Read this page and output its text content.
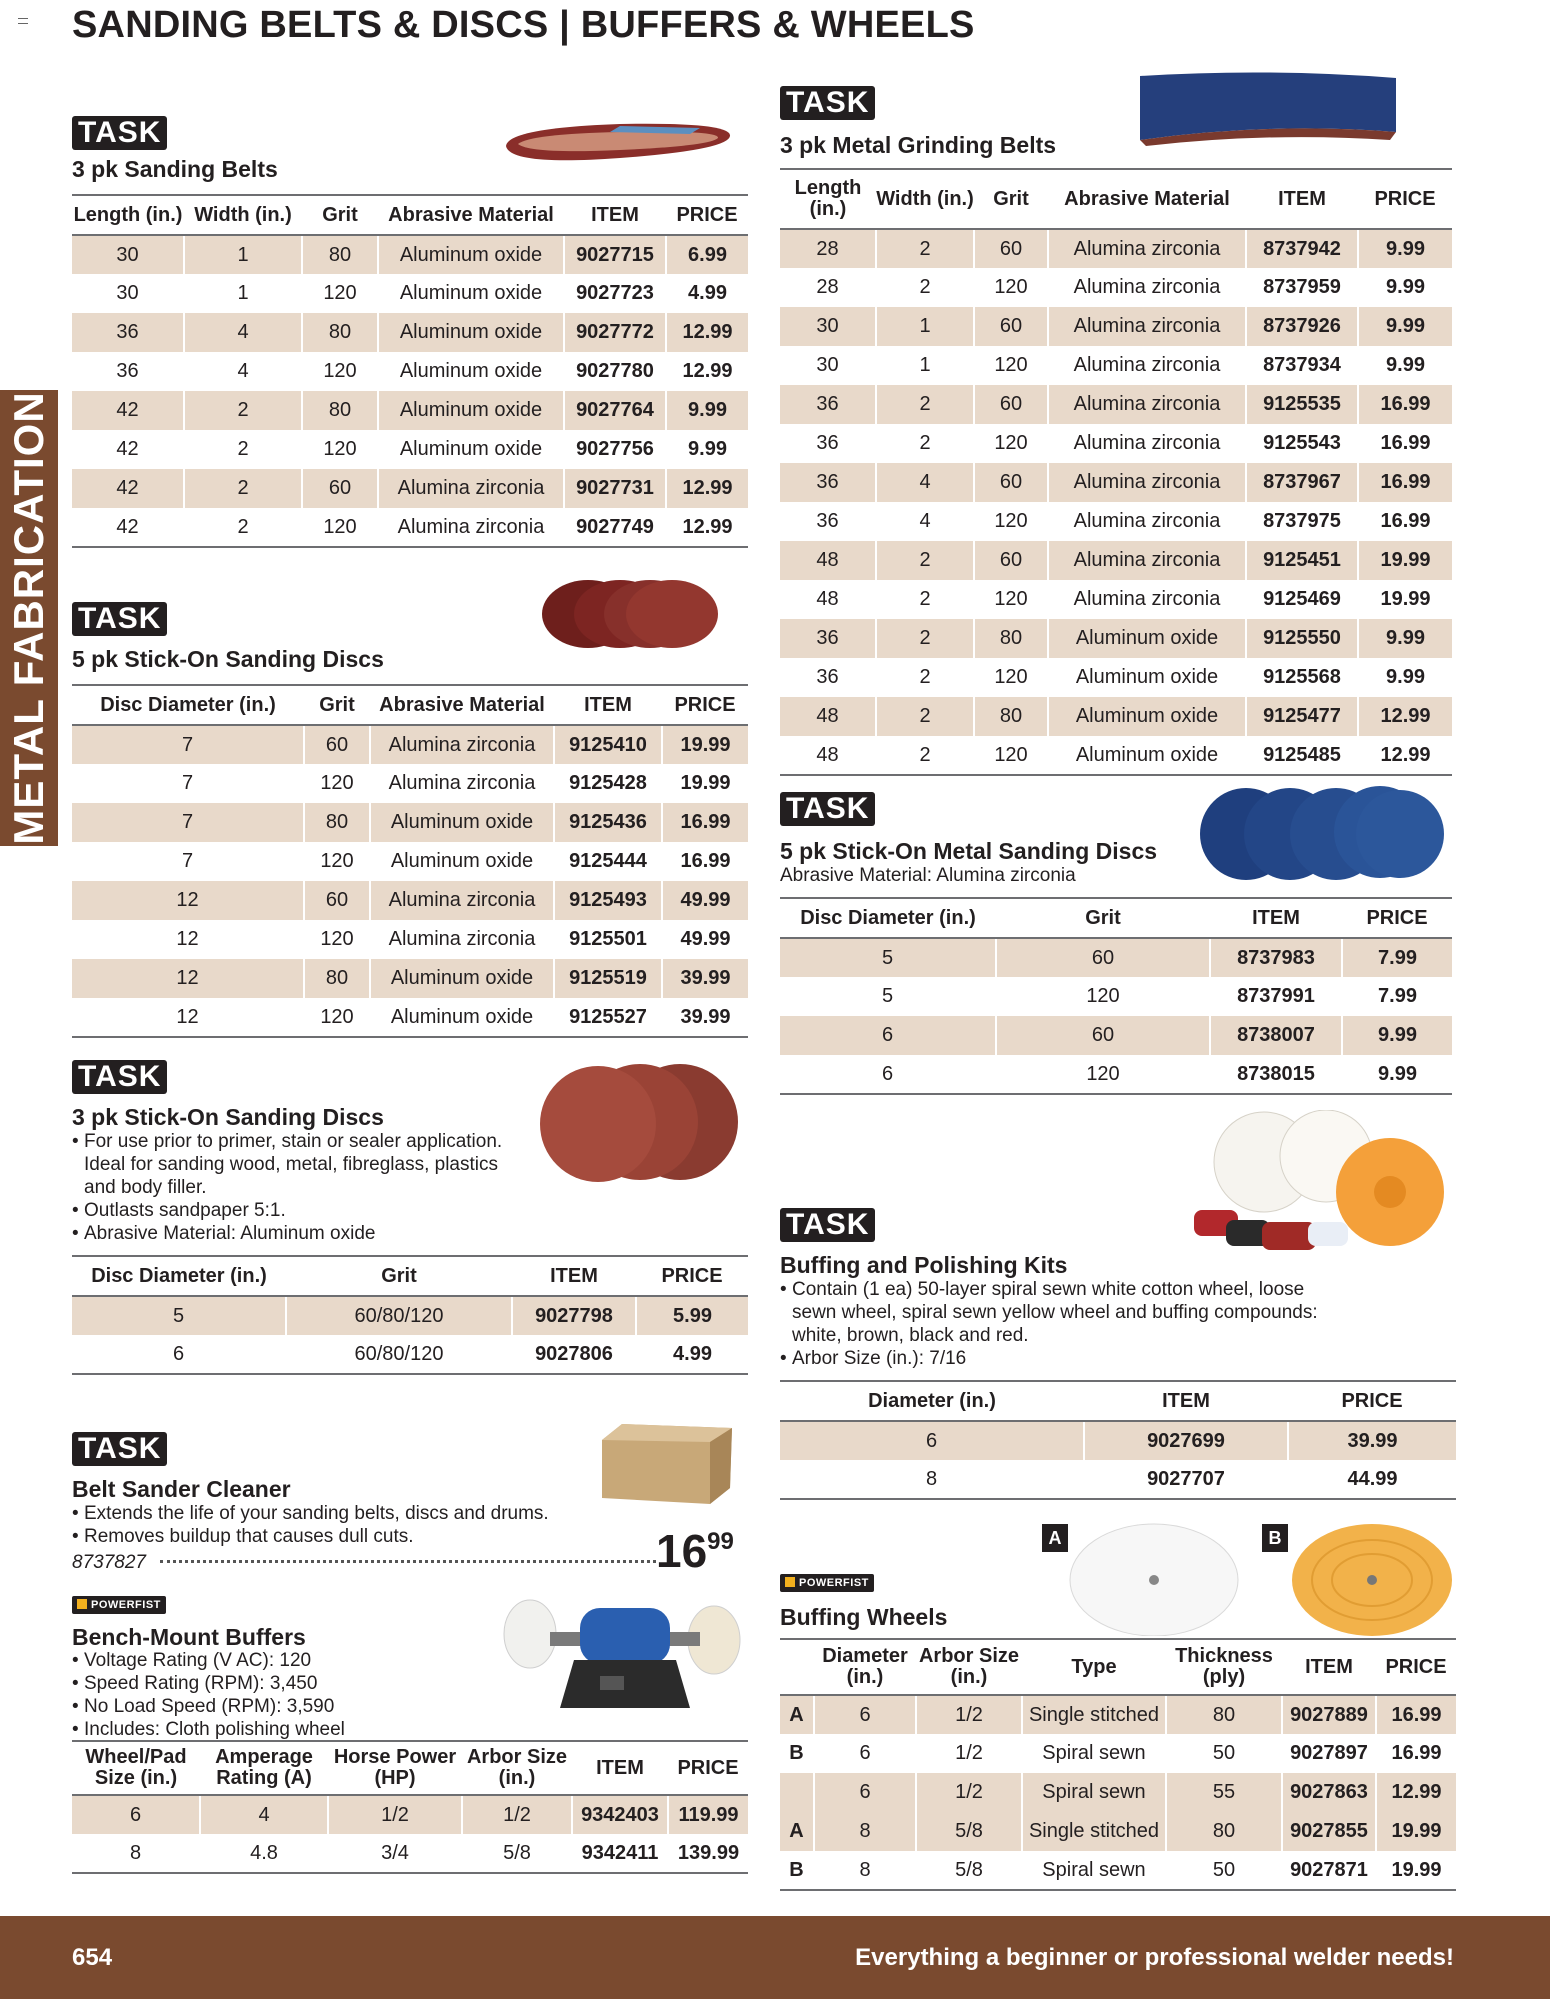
SANDING BELTS & DISCS | BUFFERS & WHEELS
METAL FABRICATION
TASK
3 pk Sanding Belts
Length (in.)	Width (in.)	Grit	Abrasive Material	ITEM	PRICE
30	1	80	Aluminum oxide	9027715	6.99
30	1	120	Aluminum oxide	9027723	4.99
36	4	80	Aluminum oxide	9027772	12.99
36	4	120	Aluminum oxide	9027780	12.99
42	2	80	Aluminum oxide	9027764	9.99
42	2	120	Aluminum oxide	9027756	9.99
42	2	60	Alumina zirconia	9027731	12.99
42	2	120	Alumina zirconia	9027749	12.99
TASK
5 pk Stick-On Sanding Discs
Disc Diameter (in.)	Grit	Abrasive Material	ITEM	PRICE
7	60	Alumina zirconia	9125410	19.99
7	120	Alumina zirconia	9125428	19.99
7	80	Aluminum oxide	9125436	16.99
7	120	Aluminum oxide	9125444	16.99
12	60	Alumina zirconia	9125493	49.99
12	120	Alumina zirconia	9125501	49.99
12	80	Aluminum oxide	9125519	39.99
12	120	Aluminum oxide	9125527	39.99
TASK
3 pk Stick-On Sanding Discs
• For use prior to primer, stain or sealer application. Ideal for sanding wood, metal, fibreglass, plastics and body filler.
• Outlasts sandpaper 5:1.
• Abrasive Material: Aluminum oxide
Disc Diameter (in.)	Grit	ITEM	PRICE
5	60/80/120	9027798	5.99
6	60/80/120	9027806	4.99
TASK
Belt Sander Cleaner
• Extends the life of your sanding belts, discs and drums.
• Removes buildup that causes dull cuts.
8737827	$16^{99}$
POWERFIST
Bench-Mount Buffers
• Voltage Rating (V AC): 120
• Speed Rating (RPM): 3,450
• No Load Speed (RPM): 3,590
• Includes: Cloth polishing wheel
Wheel/Pad Size (in.)	Amperage Rating (A)	Horse Power (HP)	Arbor Size (in.)	ITEM	PRICE
6	4	1/2	1/2	9342403	119.99
8	4.8	3/4	5/8	9342411	139.99
TASK
3 pk Metal Grinding Belts
Length (in.)	Width (in.)	Grit	Abrasive Material	ITEM	PRICE
28	2	60	Alumina zirconia	8737942	9.99
28	2	120	Alumina zirconia	8737959	9.99
30	1	60	Alumina zirconia	8737926	9.99
30	1	120	Alumina zirconia	8737934	9.99
36	2	60	Alumina zirconia	9125535	16.99
36	2	120	Alumina zirconia	9125543	16.99
36	4	60	Alumina zirconia	8737967	16.99
36	4	120	Alumina zirconia	8737975	16.99
48	2	60	Alumina zirconia	9125451	19.99
48	2	120	Alumina zirconia	9125469	19.99
36	2	80	Aluminum oxide	9125550	9.99
36	2	120	Aluminum oxide	9125568	9.99
48	2	80	Aluminum oxide	9125477	12.99
48	2	120	Aluminum oxide	9125485	12.99
TASK
5 pk Stick-On Metal Sanding Discs
Abrasive Material: Alumina zirconia
Disc Diameter (in.)	Grit	ITEM	PRICE
5	60	8737983	7.99
5	120	8737991	7.99
6	60	8738007	9.99
6	120	8738015	9.99
TASK
Buffing and Polishing Kits
• Contain (1 ea) 50-layer spiral sewn white cotton wheel, loose sewn wheel, spiral sewn yellow wheel and buffing compounds: white, brown, black and red.
• Arbor Size (in.): 7/16
Diameter (in.)	ITEM	PRICE
6	9027699	39.99
8	9027707	44.99
A	B
POWERFIST
Buffing Wheels
	Diameter (in.)	Arbor Size (in.)	Type	Thickness (ply)	ITEM	PRICE
A	6	1/2	Single stitched	80	9027889	16.99
B	6	1/2	Spiral sewn	50	9027897	16.99
	6	1/2	Spiral sewn	55	9027863	12.99
A	8	5/8	Single stitched	80	9027855	19.99
B	8	5/8	Spiral sewn	50	9027871	19.99
654	Everything a beginner or professional welder needs!
